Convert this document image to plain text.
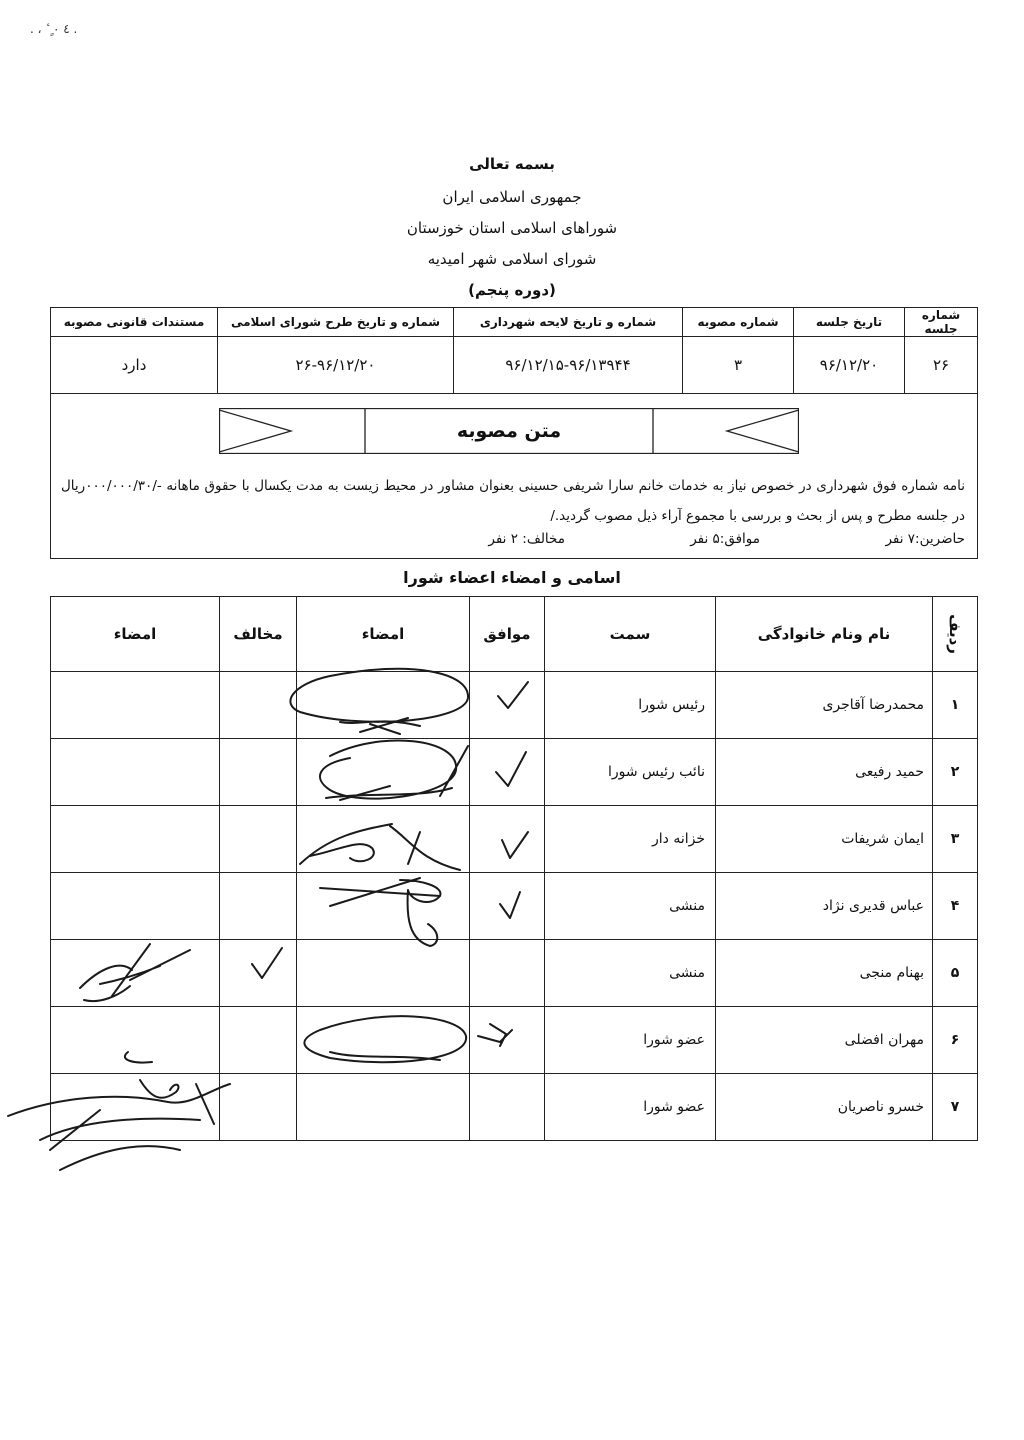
. ، ٔ ٍ ٤ ٠ .
بسمه تعالی
جمهوری اسلامی ایران
شوراهای اسلامی استان خوزستان
شورای اسلامی شهر امیدیه
(دوره پنجم)
شماره جلسه	تاریخ جلسه	شماره مصوبه	شماره و تاریخ لایحه شهرداری	شماره و تاریخ طرح شورای اسلامی	مستندات قانونی مصوبه
۲۶	۹۶/۱۲/۲۰	۳	۹۶/۱۲/۱۵-۹۶/۱۳۹۴۴	۲۶-۹۶/۱۲/۲۰	دارد
متن مصوبه
نامه شماره فوق شهرداری در خصوص نیاز به خدمات خانم سارا شریفی حسینی بعنوان مشاور در محیط زیست به مدت یکسال با حقوق ماهانه -/۰۰۰/۰۰۰/۳۰ریال در جلسه مطرح و پس از بحث و بررسی با مجموع آراء ذیل مصوب گردید./
حاضرین:۷ نفر
موافق:۵ نفر
مخالف: ۲ نفر
اسامی و امضاء اعضاء شورا
ردیف	نام ونام خانوادگی	سمت	موافق	امضاء	مخالف	امضاء
۱	محمدرضا آقاجری	رئیس شورا				
۲	حمید رفیعی	نائب رئیس شورا				
۳	ایمان شریفات	خزانه دار				
۴	عباس قدیری نژاد	منشی				
۵	بهنام منجی	منشی				
۶	مهران افضلی	عضو شورا				
۷	خسرو ناصریان	عضو شورا				
